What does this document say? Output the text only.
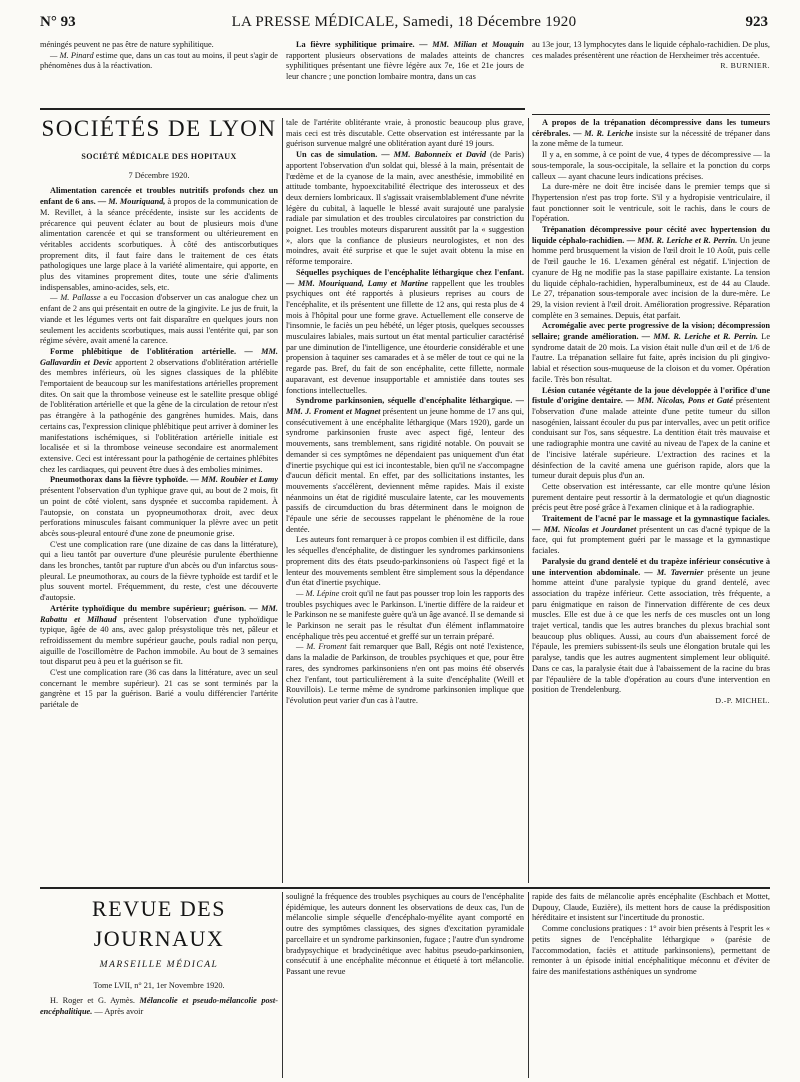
N° 93	LA PRESSE MÉDICALE, Samedi, 18 Décembre 1920	923

méningés peuvent ne pas être de nature syphilitique.

— M. Pinard estime que, dans un cas tout au moins, il peut s'agir de phénomènes dus à la réactivation.

La fièvre syphilitique primaire. — MM. Milian et Mouquin rapportent plusieurs observations de malades atteints de chancres syphilitiques présentant une fièvre légère aux 7e, 16e et 21e jours de leur chancre ; une ponction lombaire montra, dans un cas

au 13e jour, 13 lymphocytes dans le liquide céphalo-rachidien. De plus, ces malades présentèrent une réaction de Herxheimer très accentuée.

R. BURNIER.

SOCIÉTÉS DE LYON
SOCIÉTÉ MÉDICALE DES HOPITAUX
7 Décembre 1920.

Alimentation carencée et troubles nutritifs profonds chez un enfant de 6 ans. — M. Mouriquand, à propos de la communication de M. Revillet, à la séance précédente, insiste sur les accidents de précarence qui peuvent éclater au bout de plusieurs mois d'une alimentation carencée et qui se transforment ou ultérieurement en véritables accidents scorbutiques. À côté des antiscorbutiques proprement dits, il faut faire dans le traitement de ces états pathologiques une large place à la variété alimentaire, qui apporte, en plus des vitamines proprement dites, toute une série d'aliments indispensables, amino-acides, sels, etc.

— M. Pallasse a eu l'occasion d'observer un cas analogue chez un enfant de 2 ans qui présentait en outre de la gingivite. Le jus de fruit, la viande et les légumes verts ont fait disparaître en quelques jours non seulement les accidents scorbutiques, mais aussi l'entérite qui, par son régime sévère, avait amené la carence.

Forme phlébitique de l'oblitération artérielle. — MM. Gallavardin et Devic apportent 2 observations d'oblitération artérielle des membres inférieurs, où les signes classiques de la phlébite l'emportaient de beaucoup sur les manifestations artérielles proprement dites. On sait que la thrombose veineuse est le satellite presque obligé de l'oblitération artérielle et que la gêne de la circulation de retour n'est pas étrangère à la pathogénie des gangrènes humides. Mais, dans certains cas, l'expression clinique phlébitique peut arriver à dominer les manifestations ischémiques, si l'oblitération artérielle initiale est localisée et si la thrombose veineuse secondaire est anormalement extensive. Ceci est intéressant pour la pathogénie de certaines phlébites chez les cardiaques, qui peuvent être dues à des embolies minimes.

Pneumothorax dans la fièvre typhoïde. — MM. Roubier et Lamy présentent l'observation d'un typhique grave qui, au bout de 2 mois, fit un point de côté violent, sans dyspnée et succomba rapidement. À l'autopsie, on constata un pyopneumothorax droit, avec deux perforations minuscules faisant communiquer la plèvre avec un petit abcès sous-pleural entouré d'une zone de pneumonie grise.

C'est une complication rare (une dizaine de cas dans la littérature), qui a lieu tantôt par ouverture d'une pleurésie purulente éberthienne dans les bronches, tantôt par rupture d'un abcès ou d'un infarctus sous-pleural. Le pneumothorax, au cours de la fièvre typhoïde est tardif et le plus souvent mortel. Fréquemment, du reste, c'est une découverte d'autopsie.

Artérite typhoïdique du membre supérieur; guérison. — MM. Rabattu et Milhaud présentent l'observation d'une typhoïdique typique, âgée de 40 ans, avec galop présystolique très net, pâleur et refroidissement du membre supérieur gauche, pouls radial non perçu, aiguille de l'oscillomètre de Pachon immobile. Au bout de 3 semaines tout disparut peu à peu et la guérison se fit.

C'est une complication rare (36 cas dans la littérature, avec un seul concernant le membre supérieur). 21 cas se sont terminés par la gangrène et 15 par la guérison. Barié a voulu différencier l'artérite pariétale de

tale de l'artérite oblitérante vraie, à pronostic beaucoup plus grave, mais ceci est très discutable. Cette observation est intéressante par la guérison survenue malgré une oblitération ayant duré 19 jours.

Un cas de simulation. — MM. Babonneix et David (de Paris) apportent l'observation d'un soldat qui, blessé à la main, présentait de l'œdème et de la cyanose de la main, avec anesthésie, immobilité en attitude tombante, hypoexcitabilité électrique des interosseux et des deux derniers lombricaux. Il s'agissait vraisemblablement d'une névrite légère du cubital, à laquelle le blessé avait surajouté une paralysie radiale par simulation et des troubles circulatoires par constriction du poignet. Les troubles moteurs disparurent aussitôt par la « suggestion », alors que la confiance de plusieurs neurologistes, et non des moindres, avait été surprise et que le sujet avait obtenu la mise en réforme temporaire.

Séquelles psychiques de l'encéphalite léthargique chez l'enfant. — MM. Mouriquand, Lamy et Martine rappellent que les troubles psychiques ont été rapportés à plusieurs reprises au cours de l'encéphalite, et ils présentent une fillette de 12 ans, qui resta plus de 4 mois à l'hôpital pour une forme grave. Actuellement elle conserve de l'insomnie, le faciès un peu hébété, un léger ptosis, quelques secousses musculaires labiales, mais surtout un état mental particulier caractérisé par une diminution de l'intelligence, une étourderie considérable et une propension à taquiner ses camarades et à se mêler de tout ce qui ne la regarde pas. Bref, du fait de son encéphalite, cette fillette, normale auparavant, est devenue insupportable et amnistiée dans toutes ses fonctions intellectuelles.

Syndrome parkinsonien, séquelle d'encéphalite léthargique. — MM. J. Froment et Magnet présentent un jeune homme de 17 ans qui, consécutivement à une encéphalite léthargique (Mars 1920), garde un syndrome parkinsonien fruste avec aspect figé, lenteur des mouvements, sans tremblement, sans rigidité notable. On pouvait se demander si ces symptômes ne dépendaient pas uniquement d'un état d'inertie psychique qui est ici incontestable, bien qu'il ne s'accompagne d'aucun déficit mental. En effet, par des sollicitations instantes, les mouvements s'accélèrent, deviennent même rapides. Mais il existe néanmoins un état de rigidité musculaire latente, car les mouvements passifs de circumduction du bras déterminent dans le moignon de l'épaule une série de secousses rappelant le phénomène de la roue dentée.

Les auteurs font remarquer à ce propos combien il est difficile, dans les séquelles d'encéphalite, de distinguer les syndromes parkinsoniens proprement dits des états pseudo-parkinsoniens où l'aspect figé et la lenteur des mouvements semblent être simplement sous la dépendance d'un état d'inertie psychique.

— M. Lépine croit qu'il ne faut pas pousser trop loin les rapports des troubles psychiques avec le Parkinson. L'inertie diffère de la raideur et le Parkinson ne se manifeste guère qu'à un âge avancé. Il se demande si le Parkinson ne serait pas le résultat d'un élément inflammatoire encéphalique très peu accentué et greffé sur un terrain préparé.

— M. Froment fait remarquer que Ball, Régis ont noté l'existence, dans la maladie de Parkinson, de troubles psychiques et que, pour être rares, des syndromes parkinsoniens n'en ont pas moins été observés chez l'enfant, tout particulièrement à la suite d'encéphalite (Weill et Rouvillois). Le terme même de syndrome parkinsonien implique que l'évolution peut varier d'un cas à l'autre.

A propos de la trépanation décompressive dans les tumeurs cérébrales. — M. R. Leriche insiste sur la nécessité de trépaner dans la zone même de la tumeur.

Il y a, en somme, à ce point de vue, 4 types de décompressive — la sous-temporale, la sous-occipitale, la sellaire et la ponction du corps calleux — ayant chacune leurs indications précises.

La dure-mère ne doit être incisée dans le premier temps que si l'hypertension n'est pas trop forte. S'il y a hydropisie ventriculaire, il faut ponctionner soit le ventricule, soit le rachis, dans le cours de l'opération.

Trépanation décompressive pour cécité avec hypertension du liquide céphalo-rachidien. — MM. R. Leriche et R. Perrin. Un jeune homme perd brusquement la vision de l'œil droit le 10 Août, puis celle de l'œil gauche le 16. L'examen général est négatif. L'injection de cyanure de Hg ne modifie pas la stase papillaire existante. La tension du liquide céphalo-rachidien, hyperalbumineux, est de 44 au Claude. Le 27, trépanation sous-temporale avec incision de la dure-mère. Le 29, la vision revient à l'œil droit. Amélioration progressive. Réparation complète en 3 semaines. Depuis, état parfait.

Acromégalie avec perte progressive de la vision; décompression sellaire; grande amélioration. — MM. R. Leriche et R. Perrin. Le syndrome datait de 20 mois. La vision était nulle d'un œil et de 1/6 de l'autre. La trépanation sellaire fut faite, après incision du pli gingivo-labial et résection sous-muqueuse de la cloison et du vomer. Opération facile. Très bon résultat.

Lésion cutanée végétante de la joue développée à l'orifice d'une fistule d'origine dentaire. — MM. Nicolas, Pons et Gaté présentent l'observation d'une malade atteinte d'une petite tumeur du sillon nasogénien, laissant écouler du pus par intervalles, avec un petit orifice conduisant sur l'os, sans séquestre. La dentition était très mauvaise et une radiographie montra une cavité au niveau de l'apex de la canine et de l'incisive latérale supérieure. L'extraction des racines et la désinfection de la cavité amena une guérison rapide, alors que la tumeur durait depuis plus d'un an.

Cette observation est intéressante, car elle montre qu'une lésion purement dentaire peut ressortir à la dermatologie et qu'un diagnostic précis peut être posé grâce à l'examen clinique et à la radiographie.

Traitement de l'acné par le massage et la gymnastique faciales. — MM. Nicolas et Jourdanet présentent un cas d'acné typique de la face, qui fut promptement guéri par le massage et la gymnastique faciales.

Paralysie du grand dentelé et du trapèze inférieur consécutive à une intervention abdominale. — M. Tavernier présente un jeune homme atteint d'une paralysie typique du grand dentelé, avec association du trapèze inférieur. Cette association, très fréquente, a paru énigmatique en raison de l'innervation différente de ces deux muscles. Elle est due à ce que les nerfs de ces muscles ont un long trajet vertical, tandis que les autres branches du plexus brachial sont beaucoup plus obliques. Aussi, au cours d'un abaissement forcé de l'épaule, les premiers subissent-ils seuls une élongation brutale qui les paralyse, tandis que les autres augmentent simplement leur obliquité. Dans ce cas, la paralysie était due à l'abaissement de la racine du bras par l'épaulière de la table d'opération au cours d'une intervention en position de Trendelenburg.

D.-P. MICHEL.

REVUE DES JOURNAUX
MARSEILLE MÉDICAL
Tome LVII, n° 21, 1er Novembre 1920.

H. Roger et G. Aymès. Mélancolie et pseudo-mélancolie post-encéphalitique. — Après avoir

souligné la fréquence des troubles psychiques au cours de l'encéphalite épidémique, les auteurs donnent les observations de deux cas, l'un de mélancolie simple séquelle d'encéphalo-myélite ayant comporté en outre des symptômes classiques, des signes d'excitation pyramidale parcellaire et un syndrome parkinsonien, fugace ; l'autre d'un syndrome bradypsychique et bradycinétique avec habitus pseudo-parkinsonien, consécutif à une encéphalite méconnue et étiqueté à tort mélancolie. Passant une revue

rapide des faits de mélancolie après encéphalite (Eschbach et Mottet, Dupouy, Claude, Euzière), ils mettent hors de cause la prédisposition héréditaire et insistent sur l'incertitude du pronostic.

Comme conclusions pratiques : 1° avoir bien présents à l'esprit les « petits signes de l'encéphalite léthargique » (parésie de l'accommodation, faciès et attitude parkinsoniens), permettant de remonter à un épisode initial encéphalitique méconnu et d'éviter de faire des manifestations asthéniques un syndrome
